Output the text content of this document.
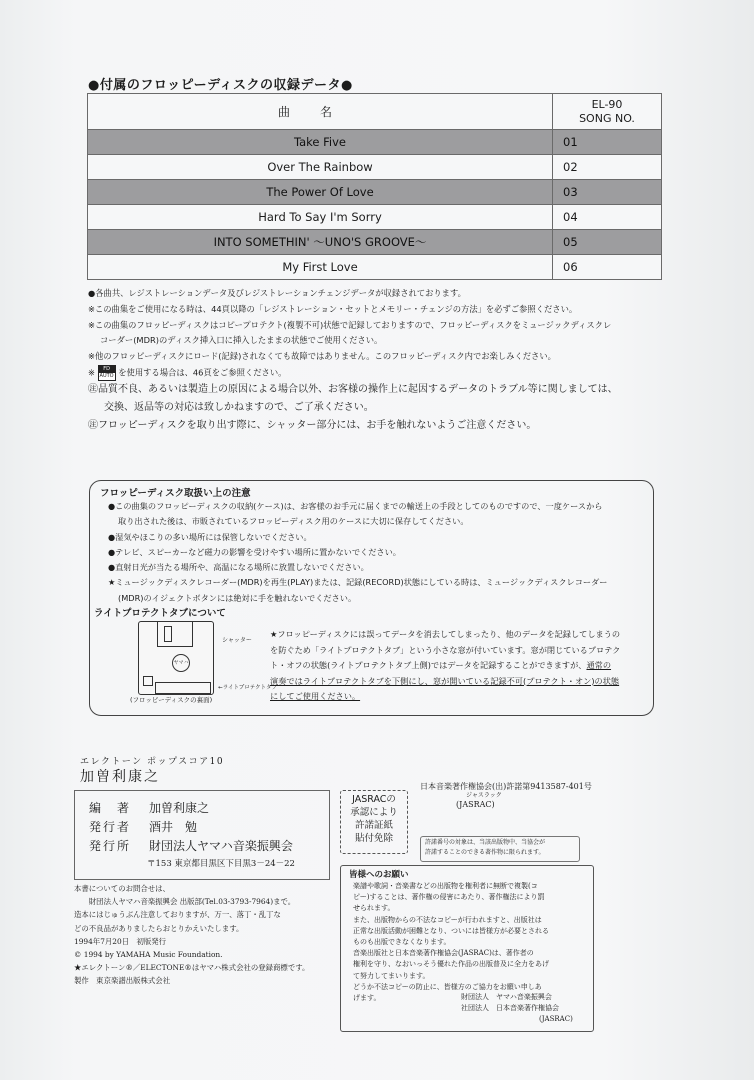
●付属のフロッピーディスクの収録データ●
曲名	EL-90
SONG NO.

Take Five	01
Over The Rainbow	02
The Power Of Love	03
Hard To Say I'm Sorry	04
INTO SOMETHIN' ～UNO'S GROOVE～	05
My First Love	06
●各曲共、レジストレーションデータ及びレジストレーションチェンジデータが収録されております。
※この曲集をご使用になる時は、44頁以降の「レジストレーション・セットとメモリー・チェンジの方法」を必ずご参照ください。
※この曲集のフロッピーディスクはコピープロテクト(複製不可)状態で記録しておりますので、フロッピーディスクをミュージックディスクレ
コーダー(MDR)のディスク挿入口に挿入したままの状態でご使用ください。
※他のフロッピーディスクにロード(記録)されなくても故障ではありません。このフロッピーディスク内でお楽しみください。
※	FD
AUTO を使用する場合は、46頁をご参照ください。
㊟品質不良、あるいは製造上の原因による場合以外、お客様の操作上に起因するデータのトラブル等に関しましては、
交換、返品等の対応は致しかねますので、ご了承ください。
㊟フロッピーディスクを取り出す際に、シャッター部分には、お手を触れないようご注意ください。
フロッピーディスク取扱い上の注意
●この曲集のフロッピーディスクの収納(ケース)は、お客様のお手元に届くまでの輸送上の手段としてのものですので、一度ケースから
取り出された後は、市販されているフロッピーディスク用のケースに大切に保存してください。
●湿気やほこりの多い場所には保管しないでください。
●テレビ、スピーカーなど磁力の影響を受けやすい場所に置かないでください。
●直射日光が当たる場所や、高温になる場所に放置しないでください。
★ミュージックディスクレコーダー(MDR)を再生(PLAY)または、記録(RECORD)状態にしている時は、ミュージックディスクレコーダー
(MDR)のイジェクトボタンには絶対に手を触れないでください。
ライトプロテクトタブについて
ヤマハ
シャッター
←ライトプロテクトタブ
(フロッピーディスクの裏面)
★フロッピーディスクには誤ってデータを消去してしまったり、他のデータを記録してしまうの
を防ぐため「ライトプロテクトタブ」という小さな窓が付いています。窓が閉じているプロテク
ト・オフの状態(ライトプロテクトタブ上側)ではデータを記録することができますが、通常の
演奏ではライトプロテクトタブを下側にし、窓が開いている記録不可(プロテクト・オン)の状態
にしてご使用ください。
エレクトーン ポップスコア10
加曽利康之
編　著 加曽利康之
発行者 酒井　勉
発行所 財団法人ヤマハ音楽振興会
〒153 東京都目黒区下目黒3－24－22
JASRACの
承認により
許諾証紙
貼付免除
日本音楽著作権協会(出)許諾第9413587-401号
ジャスラック
(JASRAC)
許諾番号の対象は、当該出版物中、当協会が
許諾することのできる著作物に限られます。
本書についてのお問合せは、
　　財団法人ヤマハ音楽振興会 出版部(Tel.03-3793-7964)まで。
造本にはじゅうぶん注意しておりますが、万一、落丁・乱丁な
どの不良品がありましたらおとりかえいたします。
1994年7月20日　初版発行
© 1994 by YAMAHA Music Foundation.
★エレクトーン®／ELECTONE®はヤマハ株式会社の登録商標です。
製作　東京楽譜出版株式会社
皆様へのお願い
楽譜や歌詞・音楽書などの出版物を権利者に無断で複製(コ
ピー)することは、著作権の侵害にあたり、著作権法により罰
せられます。
また、出版物からの不法なコピーが行われますと、出版社は
正常な出版活動が困難となり、ついには皆様方が必要とされる
ものも出版できなくなります。
音楽出版社と日本音楽著作権協会(JASRAC)は、著作者の
権利を守り、なおいっそう優れた作品の出版普及に全力をあげ
て努力してまいります。
どうか不法コピーの防止に、皆様方のご協力をお願い申しあ
げます。	財団法人　ヤマハ音楽振興会
社団法人　日本音楽著作権協会
(JASRAC)
